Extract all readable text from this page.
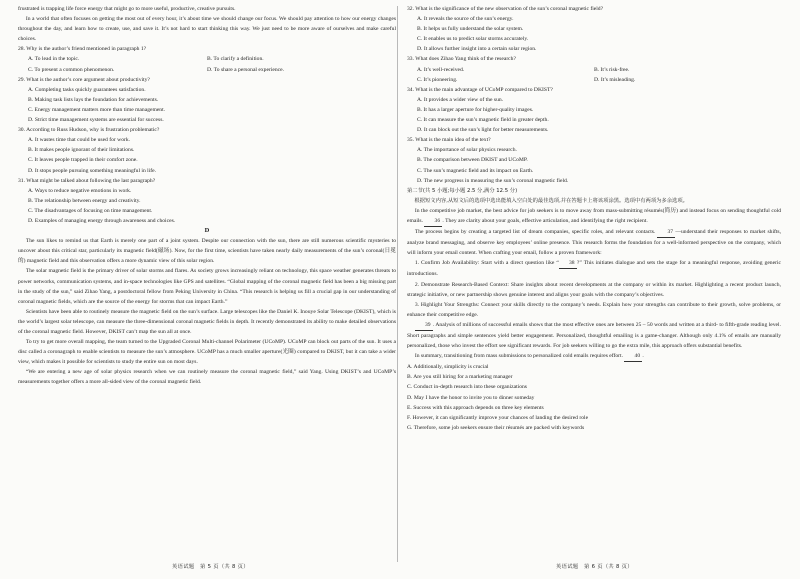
frustrated is trapping life force energy that might go to more useful, productive, creative pursuits.

In a world that often focuses on getting the most out of every hour, it’s about time we should change our focus. We should pay attention to how our energy changes throughout the day, and learn how to create, use, and save it. It’s not hard to start thinking this way. We just need to be more aware of ourselves and make careful choices.

28. Why is the author’s friend mentioned in paragraph 1?

A. To lead in the topic.	B. To clarify a definition.
C. To present a common phenomenon.	D. To share a personal experience.

29. What is the author’s core argument about productivity?

A. Completing tasks quickly guarantees satisfaction.

B. Making task lists lays the foundation for achievements.

C. Energy management matters more than time management.

D. Strict time management systems are essential for success.

30. According to Russ Hudson, why is frustration problematic?

A. It wastes time that could be used for work.

B. It makes people ignorant of their limitations.

C. It leaves people trapped in their comfort zone.

D. It stops people pursuing something meaningful in life.

31. What might be talked about following the last paragraph?

A. Ways to reduce negative emotions in work.

B. The relationship between energy and creativity.

C. The disadvantages of focusing on time management.

D. Examples of managing energy through awareness and choices.

D

The sun likes to remind us that Earth is merely one part of a joint system. Despite our connection with the sun, there are still numerous scientific mysteries to uncover about this critical star, particularly its magnetic field(磁场). Now, for the first time, scientists have taken nearly daily measurements of the sun’s coronal(日冕的) magnetic field and this observation offers a more dynamic view of this solar region.

The solar magnetic field is the primary driver of solar storms and flares. As society grows increasingly reliant on technology, this space weather generates threats to power networks, communication systems, and in-space technologies like GPS and satellites. “Global mapping of the coronal magnetic field has been a big missing part in the study of the sun,” said Zihao Yang, a postdoctoral fellow from Peking University in China. “This research is helping us fill a crucial gap in our understanding of coronal magnetic fields, which are the source of the energy for storms that can impact Earth.”

Scientists have been able to routinely measure the magnetic field on the sun’s surface. Large telescopes like the Daniel K. Inouye Solar Telescope (DKIST), which is the world’s largest solar telescope, can measure the three-dimensional coronal magnetic fields in depth. It recently demonstrated its ability to make detailed observations of the coronal magnetic field. However, DKIST can’t map the sun all at once.

To try to get more overall mapping, the team turned to the Upgraded Coronal Multi-channel Polarimeter (UCoMP). UCoMP can block out parts of the sun. It uses a disc called a coronagraph to enable scientists to measure the sun’s atmosphere. UCoMP has a much smaller aperture(光圈) compared to DKIST, but it can take a wider view, which makes it possible for scientists to study the entire sun on most days.

“We are entering a new age of solar physics research when we can routinely measure the coronal magnetic field,” said Yang. Using DKIST’s and UCoMP’s measurements together offers a more all-sided view of the coronal magnetic field.

32. What is the significance of the new observation of the sun’s coronal magnetic field?

A. It reveals the source of the sun’s energy.

B. It helps us fully understand the solar system.

C. It enables us to predict solar storms accurately.

D. It allows further insight into a certain solar region.

33. What does Zihao Yang think of the research?

A. It’s well-received.	B. It’s risk-free.
C. It’s pioneering.	D. It’s misleading.

34. What is the main advantage of UCoMP compared to DKIST?

A. It provides a wider view of the sun.

B. It has a larger aperture for higher-quality images.

C. It can measure the sun’s magnetic field in greater depth.

D. It can block out the sun’s light for better measurements.

35. What is the main idea of the text?

A. The importance of solar physics research.

B. The comparison between DKIST and UCoMP.

C. The sun’s magnetic field and its impact on Earth.

D. The new progress in measuring the sun’s coronal magnetic field.

第二节(共 5 小题;每小题 2.5 分,满分 12.5 分)

根据短文内容,从短文后的选项中选出能填入空白处的最佳选项,并在答题卡上将该项涂黑。选项中有两项为多余选项。

In the competitive job market, the best advice for job seekers is to move away from mass-submitting résumés(简历) and instead focus on sending thoughtful cold emails. 36 . They are clarity about your goals, effective articulation, and identifying the right recipient.

The process begins by creating a targeted list of dream companies, specific roles, and relevant contacts. 37 —understand their responses to market shifts, analyze brand messaging, and observe key employees’ online presence. This research forms the foundation for a well-informed perspective on the company, which will inform your email content. When crafting your email, follow a proven framework:

1. Confirm Job Availability: Start with a direct question like “ 38 ?” This initiates dialogue and sets the stage for a meaningful response, avoiding generic introductions.

2. Demonstrate Research-Based Context: Share insights about recent developments at the company or within its market. Highlighting a recent product launch, strategic initiative, or new partnership shows genuine interest and aligns your goals with the company’s objectives.

3. Highlight Your Strengths: Connect your skills directly to the company’s needs. Explain how your strengths can contribute to their growth, solve problems, or enhance their competitive edge.

39 . Analysis of millions of successful emails shows that the most effective ones are between 25 – 50 words and written at a third- to fifth-grade reading level. Short paragraphs and simple sentences yield better engagement. Personalized, thoughtful emailing is a game-changer. Although only 4.1% of emails are manually personalized, those who invest the effort see significant rewards. For job seekers willing to go the extra mile, this approach offers substantial benefits.

In summary, transitioning from mass submissions to personalized cold emails requires effort. 40 .

A. Additionally, simplicity is crucial

B. Are you still hiring for a marketing manager

C. Conduct in-depth research into these organizations

D. May I have the honor to invite you to dinner someday

E. Success with this approach depends on three key elements

F. However, it can significantly improve your chances of landing the desired role

G. Therefore, some job seekers ensure their résumés are packed with keywords

英语试题　第 5 页（共 8 页）	英语试题　第 6 页（共 8 页）
